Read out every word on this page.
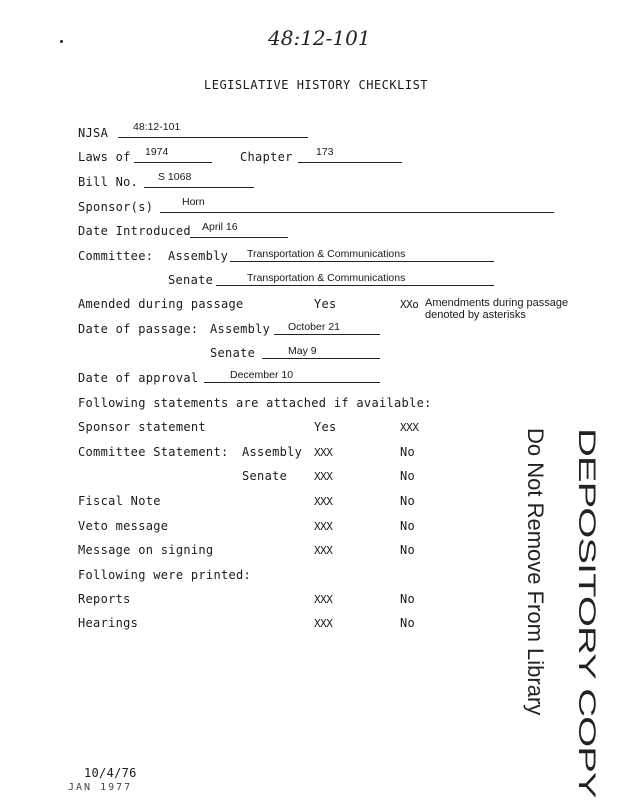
48:12-101
LEGISLATIVE HISTORY CHECKLIST
NJSA 48:12-101
Laws of 1974	Chapter 173
Bill No. S 1068
Sponsor(s)	Horn
Date Introduced April 16
Committee: Assembly Transportation & Communications
Senate	Transportation & Communications
Amended during passage	Yes	XXo Amendments during passage
denoted by asterisks
Date of passage: Assembly October 21
Senate	May 9
Date of approval	December 10
Following statements are attached if available:
Sponsor statement	Yes	XXX
Committee Statement: Assembly XXX	No
Senate XXX	No
Fiscal Note	XXX	No
Veto message	XXX	No
Message on signing	XXX	No
Following were printed:
Reports	XXX	No
Hearings	XXX	No	DEPOSITORY COPY
Do Not Remove From Library
10/4/76
JAN 1977
